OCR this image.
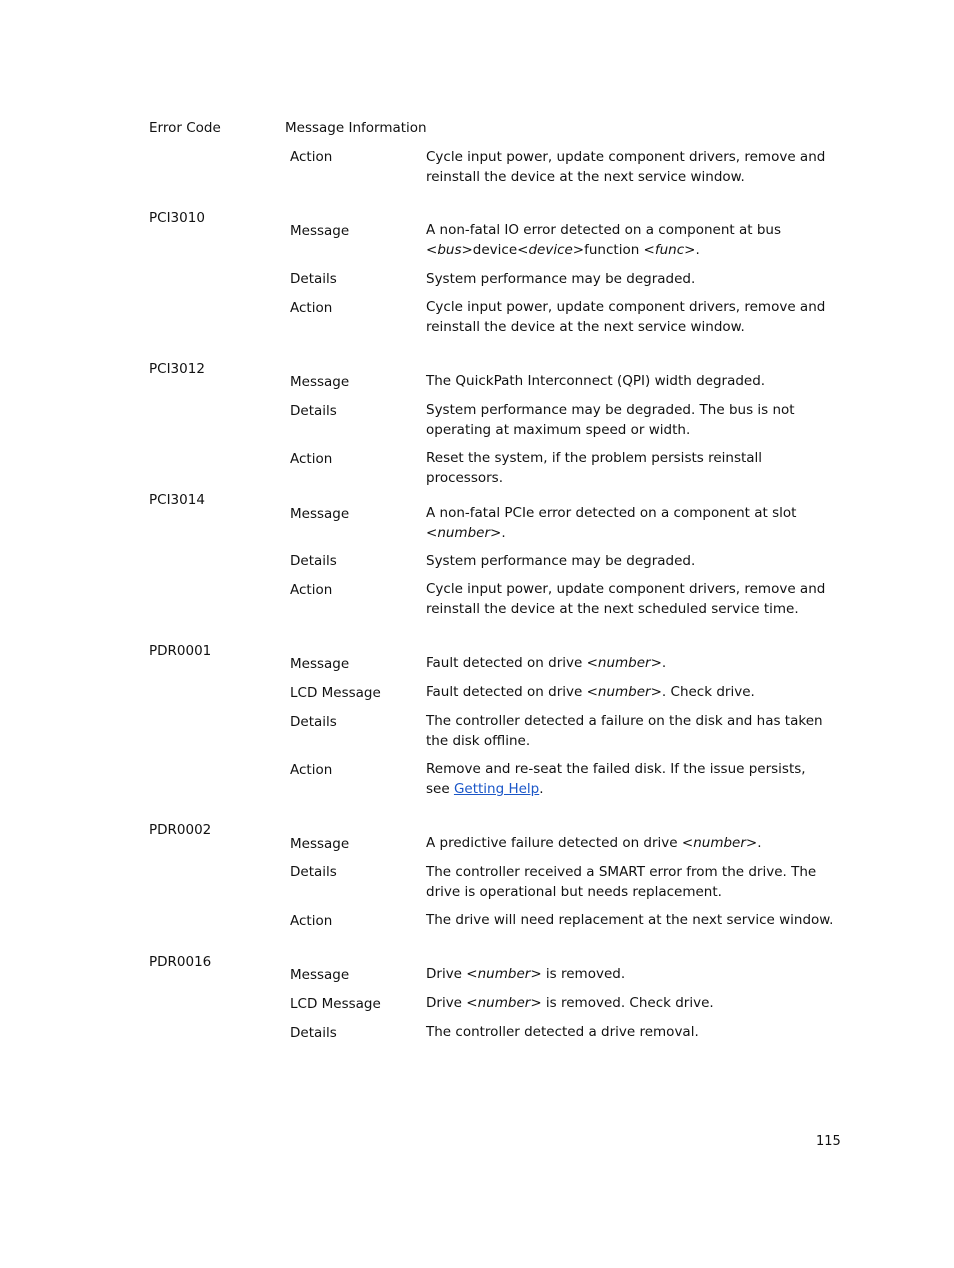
Error Code	Message Information
Action	Cycle input power, update component drivers, remove and reinstall the device at the next service window.
PCI3010
Message	A non-fatal IO error detected on a component at bus <bus>device<device>function <func>.
Details	System performance may be degraded.
Action	Cycle input power, update component drivers, remove and reinstall the device at the next service window.
PCI3012
Message	The QuickPath Interconnect (QPI) width degraded.
Details	System performance may be degraded. The bus is not operating at maximum speed or width.
Action	Reset the system, if the problem persists reinstall processors.
PCI3014
Message	A non-fatal PCIe error detected on a component at slot <number>.
Details	System performance may be degraded.
Action	Cycle input power, update component drivers, remove and reinstall the device at the next scheduled service time.
PDR0001
Message	Fault detected on drive <number>.
LCD Message	Fault detected on drive <number>. Check drive.
Details	The controller detected a failure on the disk and has taken the disk offline.
Action	Remove and re-seat the failed disk. If the issue persists, see Getting Help.
PDR0002
Message	A predictive failure detected on drive <number>.
Details	The controller received a SMART error from the drive. The drive is operational but needs replacement.
Action	The drive will need replacement at the next service window.
PDR0016
Message	Drive <number> is removed.
LCD Message	Drive <number> is removed. Check drive.
Details	The controller detected a drive removal.
115
